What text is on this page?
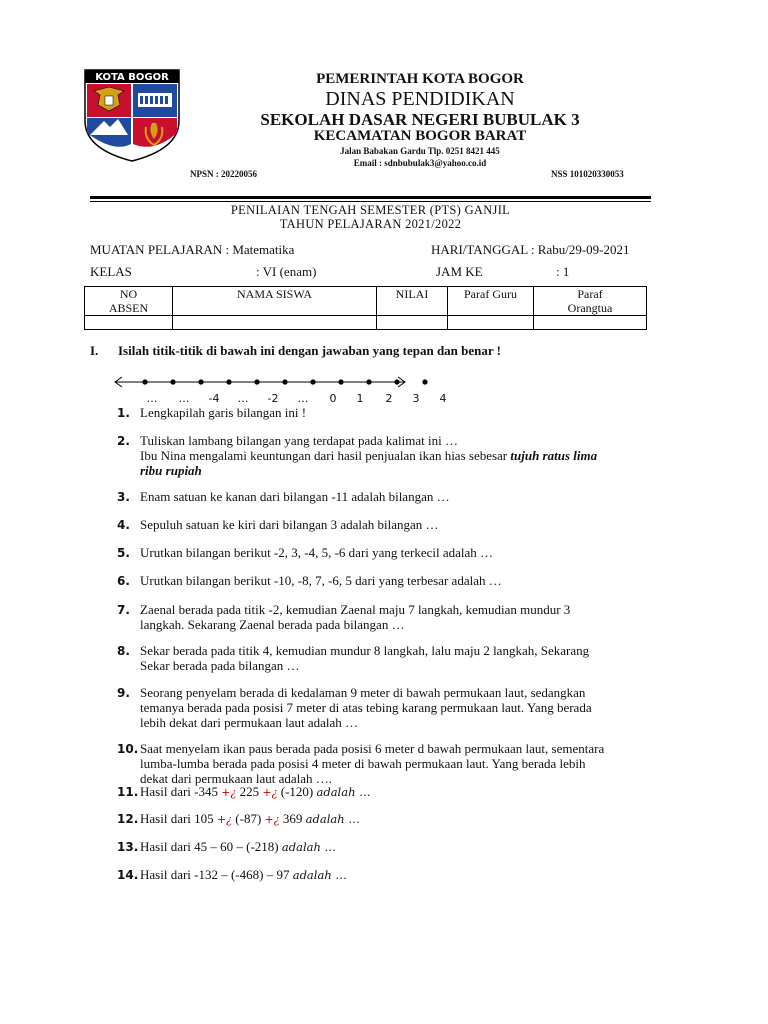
KOTA BOGOR	PEMERINTAH KOTA BOGOR
DINAS PENDIDIKAN
SEKOLAH DASAR NEGERI BUBULAK 3
KECAMATAN BOGOR BARAT
Jalan Babakan Gardu Tlp. 0251 8421 445
Email : sdnbubulak3@yahoo.co.id
NPSN : 20220056	NSS 101020330053
PENILAIAN TENGAH SEMESTER (PTS) GANJIL
TAHUN PELAJARAN 2021/2022
MUATAN PELAJARAN : Matematika	HARI/TANGGAL : Rabu/29-09-2021
KELAS	: VI (enam)	JAM KE	: 1
NO
ABSEN	NAMA SISWA	NILAI	Paraf Guru	Paraf
Orangtua

I. Isilah titik-titik di bawah ini dengan jawaban yang tepan dan benar !
… … -4 … -2 … 0 1 2 3 4
1. Lengkapilah garis bilangan ini !
2. Tuliskan lambang bilangan yang terdapat pada kalimat ini …
Ibu Nina mengalami keuntungan dari hasil penjualan ikan hias sebesar tujuh ratus lima
ribu rupiah
3. Enam satuan ke kanan dari bilangan -11 adalah bilangan …
4. Sepuluh satuan ke kiri dari bilangan 3 adalah bilangan …
5. Urutkan bilangan berikut -2, 3, -4, 5, -6 dari yang terkecil adalah …
6. Urutkan bilangan berikut -10, -8, 7, -6, 5 dari yang terbesar adalah …
7. Zaenal berada pada titik -2, kemudian Zaenal maju 7 langkah, kemudian mundur 3
langkah. Sekarang Zaenal berada pada bilangan …
8. Sekar berada pada titik 4, kemudian mundur 8 langkah, lalu maju 2 langkah, Sekarang
Sekar berada pada bilangan …
9. Seorang penyelam berada di kedalaman 9 meter di bawah permukaan laut, sedangkan
temanya berada pada posisi 7 meter di atas tebing karang permukaan laut. Yang berada
lebih dekat dari permukaan laut adalah …
10. Saat menyelam ikan paus berada pada posisi 6 meter d bawah permukaan laut, sementara
lumba-lumba berada pada posisi 4 meter di bawah permukaan laut. Yang berada lebih
dekat dari permukaan laut adalah ….
11. Hasil dari -345 +¿ 225 +¿ (-120) adalah …
12. Hasil dari 105 +¿ (-87) +¿ 369 adalah …
13. Hasil dari 45 – 60 – (-218) adalah …
14. Hasil dari -132 – (-468) – 97 adalah …
